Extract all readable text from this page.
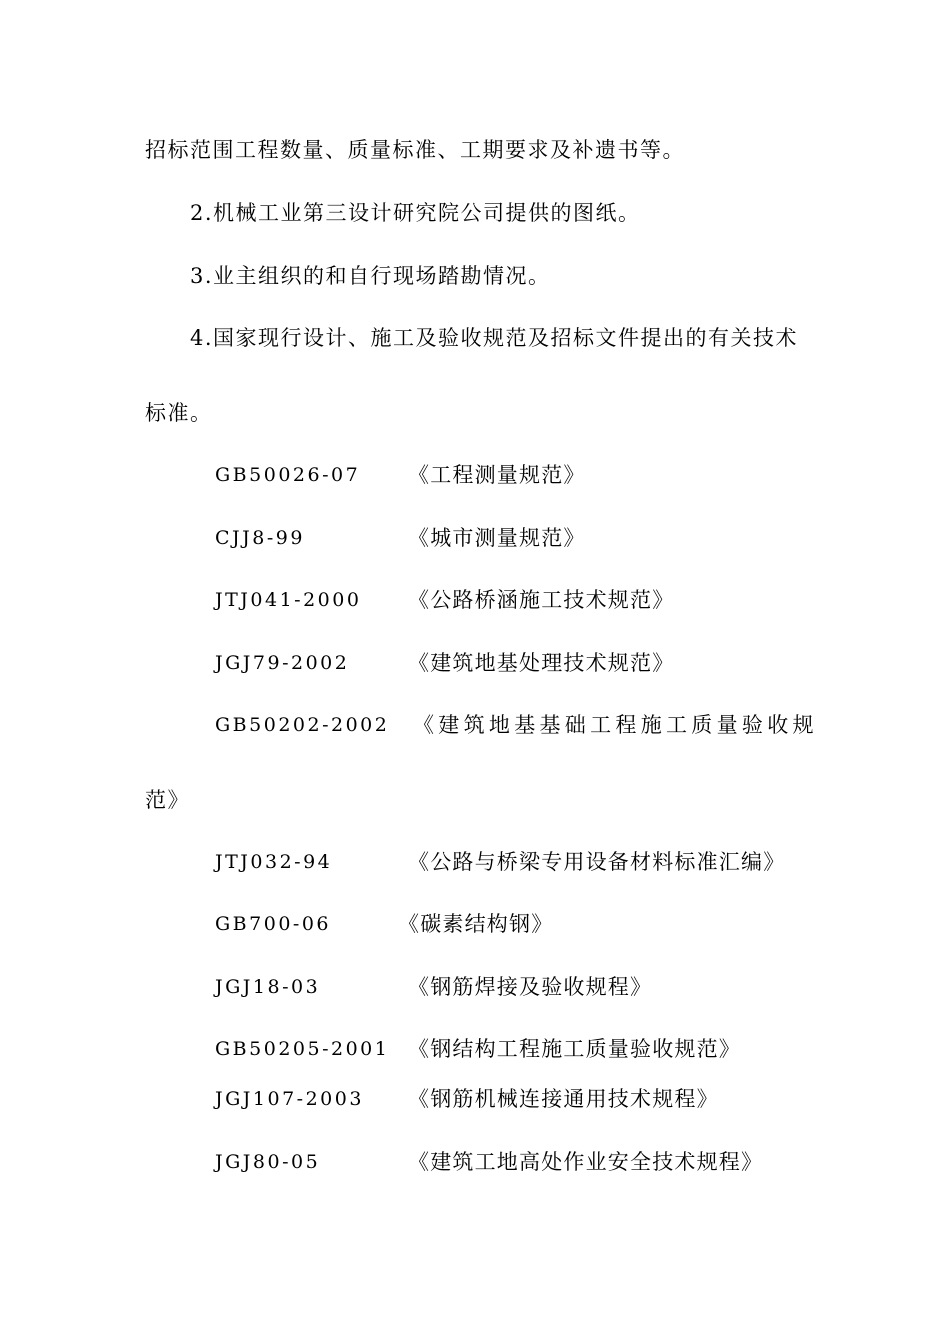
招标范围工程数量、质量标准、工期要求及补遗书等。
2.机械工业第三设计研究院公司提供的图纸。
3.业主组织的和自行现场踏勘情况。
4.国家现行设计、施工及验收规范及招标文件提出的有关技术
标准。
GB50026-07 《工程测量规范》
CJJ8-99	《城市测量规范》
JTJ041-2000 《公路桥涵施工技术规范》
JGJ79-2002	《建筑地基处理技术规范》
GB50202-2002 《建筑地基基础工程施工质量验收规
范》
JTJ032-94	《公路与桥梁专用设备材料标准汇编》
GB700-06	《碳素结构钢》
JGJ18-03	《钢筋焊接及验收规程》
GB50205-2001 《钢结构工程施工质量验收规范》
JGJ107-2003 《钢筋机械连接通用技术规程》
JGJ80-05	《建筑工地高处作业安全技术规程》
